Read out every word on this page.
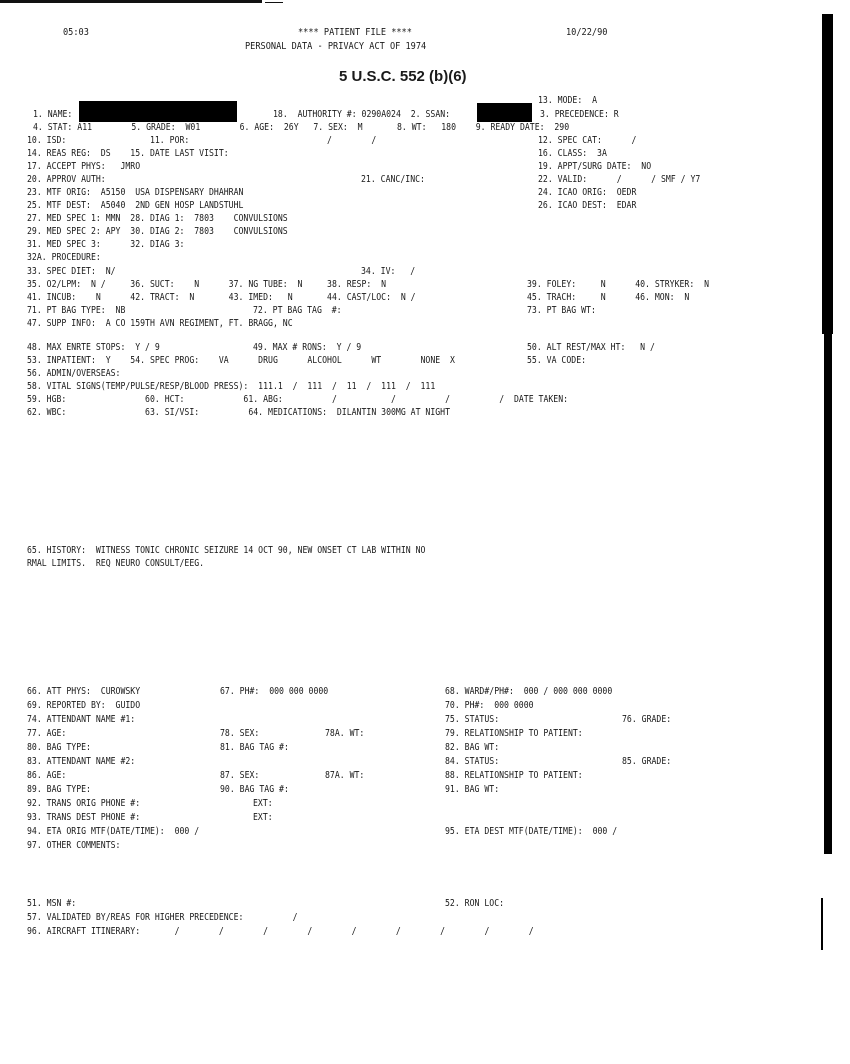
05:03	**** PATIENT FILE ****	10/22/90
PERSONAL DATA - PRIVACY ACT OF 1974
5 U.S.C. 552 (b)(6)
13. MODE:  A
1. NAME:	18.  AUTHORITY #: 0290A024  2. SSAN:	3. PRECEDENCE: R
4. STAT: A11        5. GRADE:  W01        6. AGE:  26Y   7. SEX:  M       8. WT:   180    9. READY DATE:  290
10. ISD:                 11. POR:                            /        /	12. SPEC CAT:      /
14. REAS REG:  DS    15. DATE LAST VISIT:	16. CLASS:  3A
17. ACCEPT PHYS:   JMRO	19. APPT/SURG DATE:  NO
20. APPROV AUTH:	21. CANC/INC:	22. VALID:      /      / SMF / Y7
23. MTF ORIG:  A5150  USA DISPENSARY DHAHRAN	24. ICAO ORIG:  OEDR
25. MTF DEST:  A5040  2ND GEN HOSP LANDSTUHL	26. ICAO DEST:  EDAR
27. MED SPEC 1: MMN  28. DIAG 1:  7803    CONVULSIONS
29. MED SPEC 2: APY  30. DIAG 2:  7803    CONVULSIONS
31. MED SPEC 3:      32. DIAG 3:
32A. PROCEDURE:
33. SPEC DIET:  N/	34. IV:   /
35. O2/LPM:  N /     36. SUCT:    N      37. NG TUBE:  N     38. RESP:  N	39. FOLEY:     N      40. STRYKER:  N
41. INCUB:    N      42. TRACT:  N       43. IMED:   N       44. CAST/LOC:  N /	45. TRACH:     N      46. MON:  N
71. PT BAG TYPE:  NB	72. PT BAG TAG  #:	73. PT BAG WT:
47. SUPP INFO:  A CO 159TH AVN REGIMENT, FT. BRAGG, NC
48. MAX ENRTE STOPS:  Y / 9	49. MAX # RONS:  Y / 9	50. ALT REST/MAX HT:   N /
53. INPATIENT:  Y    54. SPEC PROG:    VA      DRUG      ALCOHOL      WT        NONE  X	55. VA CODE:
56. ADMIN/OVERSEAS:
58. VITAL SIGNS(TEMP/PULSE/RESP/BLOOD PRESS):  111.1  /  111  /  11  /  111  /  111
59. HGB:                60. HCT:            61. ABG:          /           /          /          /  DATE TAKEN:
62. WBC:                63. SI/VSI:          64. MEDICATIONS:  DILANTIN 300MG AT NIGHT
65. HISTORY:  WITNESS TONIC CHRONIC SEIZURE 14 OCT 90, NEW ONSET CT LAB WITHIN NO
RMAL LIMITS.  REQ NEURO CONSULT/EEG.
66. ATT PHYS:  CUROWSKY	67. PH#:  000 000 0000	68. WARD#/PH#:  000 / 000 000 0000
69. REPORTED BY:  GUIDO	70. PH#:  000 0000
74. ATTENDANT NAME #1:	75. STATUS:	76. GRADE:
77. AGE:	78. SEX:	78A. WT:	79. RELATIONSHIP TO PATIENT:
80. BAG TYPE:	81. BAG TAG #:	82. BAG WT:
83. ATTENDANT NAME #2:	84. STATUS:	85. GRADE:
86. AGE:	87. SEX:	87A. WT:	88. RELATIONSHIP TO PATIENT:
89. BAG TYPE:	90. BAG TAG #:	91. BAG WT:
92. TRANS ORIG PHONE #:	EXT:
93. TRANS DEST PHONE #:	EXT:
94. ETA ORIG MTF(DATE/TIME):  000 /	95. ETA DEST MTF(DATE/TIME):  000 /
97. OTHER COMMENTS:
51. MSN #:	52. RON LOC:
57. VALIDATED BY/REAS FOR HIGHER PRECEDENCE:          /
96. AIRCRAFT ITINERARY:       /        /        /        /        /        /        /        /        /
